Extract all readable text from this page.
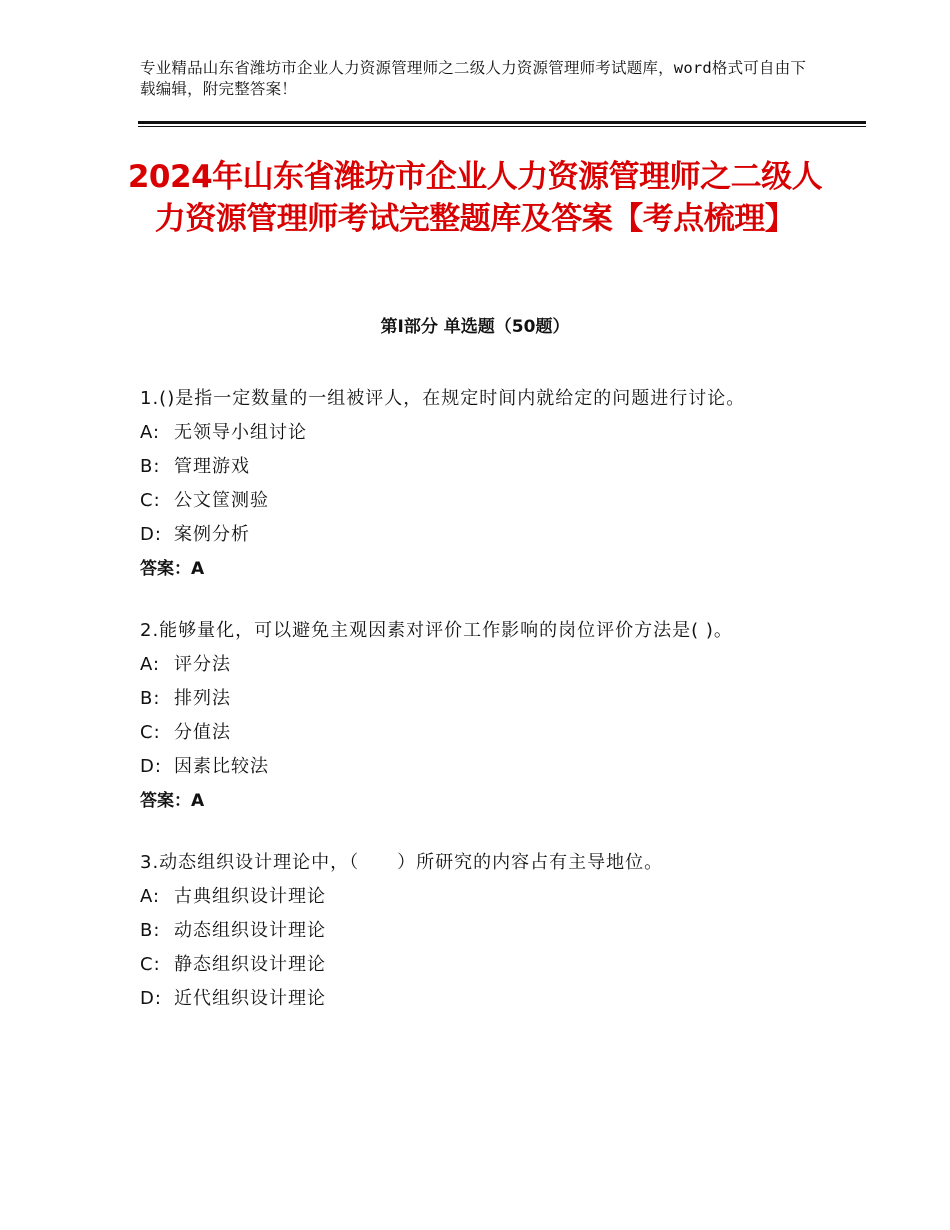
专业精品山东省潍坊市企业人力资源管理师之二级人力资源管理师考试题库，word格式可自由下载编辑，附完整答案！
2024年山东省潍坊市企业人力资源管理师之二级人力资源管理师考试完整题库及答案【考点梳理】
第Ⅰ部分 单选题（50题）
1.()是指一定数量的一组被评人，在规定时间内就给定的问题进行讨论。
A: 无领导小组讨论
B: 管理游戏
C: 公文筐测验
D: 案例分析
答案：A
2.能够量化，可以避免主观因素对评价工作影响的岗位评价方法是( )。
A: 评分法
B: 排列法
C: 分值法
D: 因素比较法
答案：A
3.动态组织设计理论中，（　　）所研究的内容占有主导地位。
A: 古典组织设计理论
B: 动态组织设计理论
C: 静态组织设计理论
D: 近代组织设计理论
